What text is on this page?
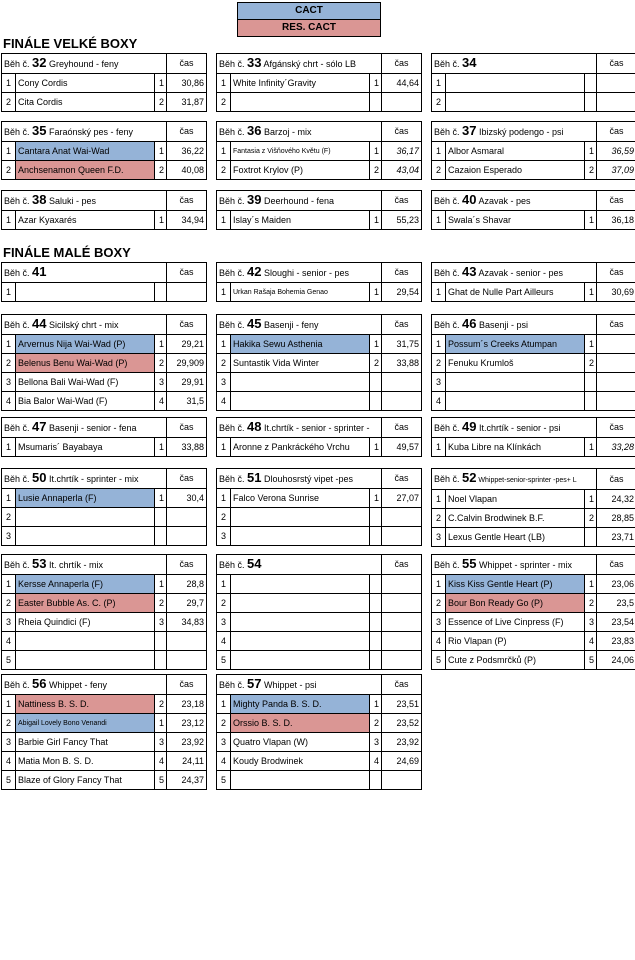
CACT
RES. CACT
FINÁLE VELKÉ BOXY
FINÁLE MALÉ BOXY
Běh č. 32 Greyhound - feny			čas
1	Cony Cordis	1	30,86
2	Cita Cordis	2	31,87
Běh č. 33 Afgánský chrt - sólo LB			čas
1	White Infinity´Gravity	1	44,64
2			
Běh č. 34			čas
1			
2			
Běh č. 35 Faraónský pes - feny			čas
1	Cantara Anat Wai-Wad	1	36,22
2	Anchsenamon Queen F.D.	2	40,08
Běh č. 36 Barzoj - mix			čas
1	Fantasia z Višňového Květu (F)	1	36,17
2	Foxtrot Krylov (P)	2	43,04
Běh č. 37 Ibizský podengo - psi			čas
1	Albor Asmaral	1	36,59
2	Cazaion Esperado	2	37,09
Běh č. 38 Saluki - pes			čas
1	Azar Kyaxarés	1	34,94
Běh č. 39 Deerhound - fena			čas
1	Islay´s Maiden	1	55,23
Běh č. 40 Azavak - pes			čas
1	Swala´s Shavar	1	36,18
Běh č. 41			čas
1			
Běh č. 42 Sloughi - senior - pes			čas
1	Urkan Rašaja Bohemia Genao	1	29,54
Běh č. 43 Azavak - senior - pes			čas
1	Ghat de Nulle Part Ailleurs	1	30,69
Běh č. 44 Sicilský chrt - mix			čas
1	Arvernus Nija Wai-Wad (P)	1	29,21
2	Belenus Benu Wai-Wad (P)	2	29,909
3	Bellona Bali Wai-Wad (F)	3	29,91
4	Bia Balor Wai-Wad (F)	4	31,5
Běh č. 45 Basenji - feny			čas
1	Hakika Sewu Asthenia	1	31,75
2	Suntastik Vida Winter	2	33,88
3			
4			
Běh č. 46 Basenji - psi			čas
1	Possum´s Creeks Atumpan	1	
2	Fenuku Krumloš	2	
3			
4			
Běh č. 47 Basenji - senior - fena			čas
1	Msumaris´ Bayabaya	1	33,88
Běh č. 48 It.chrtík - senior - sprinter -			čas
1	Aronne z Pankráckého Vrchu	1	49,57
Běh č. 49 It.chrtík - senior - psi			čas
1	Kuba Libre na Klínkách	1	33,28
Běh č. 50 It.chrtík - sprinter - mix			čas
1	Lusie Annaperla (F)	1	30,4
2			
3			
Běh č. 51 Dlouhosrstý vipet -pes			čas
1	Falco Verona Sunrise	1	27,07
2			
3			
Běh č. 52 Whippet-senior-sprinter -pes+ L			čas
1	Noel Vlapan	1	24,32
2	C.Calvin Brodwinek B.F.	2	28,85
3	Lexus Gentle Heart (LB)		23,71
Běh č. 53 It. chrtík - mix			čas
1	Kersse Annaperla (F)	1	28,8
2	Easter Bubble As. C. (P)	2	29,7
3	Rheia Quindici (F)	3	34,83
4			
5			
Běh č. 54			čas
1			
2			
3			
4			
5			
Běh č. 55 Whippet - sprinter - mix			čas
1	Kiss Kiss Gentle Heart (P)	1	23,06
2	Bour Bon Ready Go (P)	2	23,5
3	Essence of Live Cinpress (F)	3	23,54
4	Rio Vlapan (P)	4	23,83
5	Cute z Podsmrčků (P)	5	24,06
Běh č. 56 Whippet - feny			čas
1	Nattiness B. S. D.	2	23,18
2	Abigail Lovely Bono Venandi	1	23,12
3	Barbie Girl Fancy That	3	23,92
4	Matia Mon B. S. D.	4	24,11
5	Blaze of Glory Fancy That	5	24,37
Běh č. 57 Whippet - psi			čas
1	Mighty Panda B. S. D.	1	23,51
2	Orssio B. S. D.	2	23,52
3	Quatro Vlapan (W)	3	23,92
4	Koudy Brodwinek	4	24,69
5			
